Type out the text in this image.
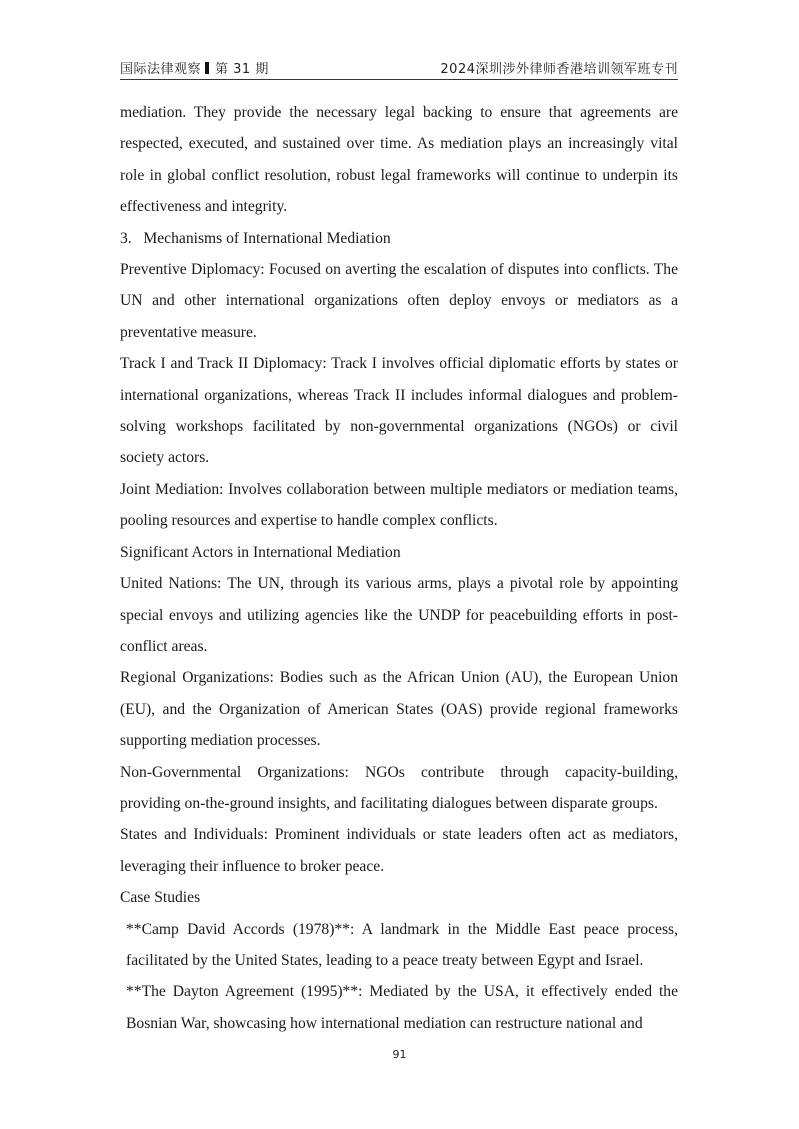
国际法律观察 第 31 期	2024深圳涉外律师香港培训领军班专刊

mediation. They provide the necessary legal backing to ensure that agreements are respected, executed, and sustained over time. As mediation plays an increasingly vital role in global conflict resolution, robust legal frameworks will continue to underpin its effectiveness and integrity.

3.   Mechanisms of International Mediation

Preventive Diplomacy: Focused on averting the escalation of disputes into conflicts. The UN and other international organizations often deploy envoys or mediators as a preventative measure.

Track I and Track II Diplomacy: Track I involves official diplomatic efforts by states or international organizations, whereas Track II includes informal dialogues and problem-solving workshops facilitated by non-governmental organizations (NGOs) or civil society actors.

Joint Mediation: Involves collaboration between multiple mediators or mediation teams, pooling resources and expertise to handle complex conflicts.

Significant Actors in International Mediation

United Nations: The UN, through its various arms, plays a pivotal role by appointing special envoys and utilizing agencies like the UNDP for peacebuilding efforts in post-conflict areas.

Regional Organizations: Bodies such as the African Union (AU), the European Union (EU), and the Organization of American States (OAS) provide regional frameworks supporting mediation processes.

Non-Governmental Organizations: NGOs contribute through capacity-building, providing on-the-ground insights, and facilitating dialogues between disparate groups.

States and Individuals: Prominent individuals or state leaders often act as mediators, leveraging their influence to broker peace.

Case Studies

**Camp David Accords (1978)**: A landmark in the Middle East peace process, facilitated by the United States, leading to a peace treaty between Egypt and Israel.

**The Dayton Agreement (1995)**: Mediated by the USA, it effectively ended the Bosnian War, showcasing how international mediation can restructure national and

91
